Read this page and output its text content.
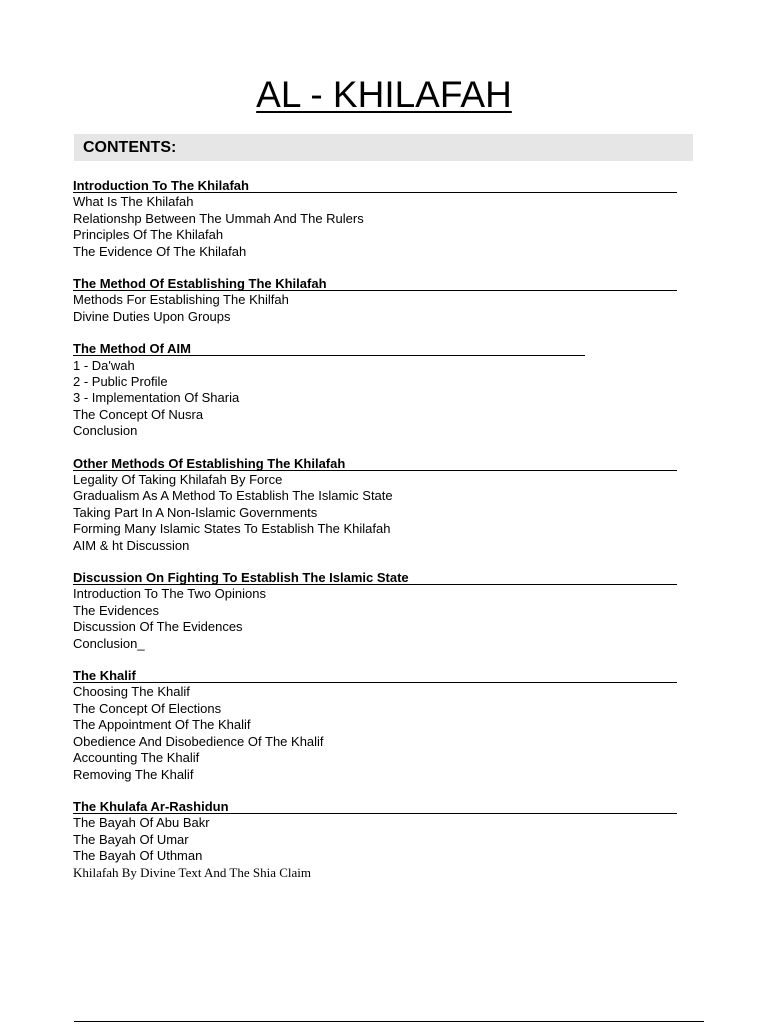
AL - KHILAFAH
CONTENTS:
Introduction To The Khilafah
What Is The Khilafah
Relationshp Between The Ummah And The Rulers
Principles Of The Khilafah
The Evidence Of The Khilafah
The Method Of Establishing The Khilafah
Methods For Establishing The Khilfah
Divine Duties Upon Groups
The Method Of AIM
1 - Da'wah
2 - Public Profile
3 - Implementation Of Sharia
The Concept Of Nusra
Conclusion
Other Methods Of Establishing The Khilafah
Legality Of Taking Khilafah By Force
Gradualism As A Method To Establish The Islamic State
Taking Part In A Non-Islamic Governments
Forming Many Islamic States To Establish The Khilafah
AIM & ht Discussion
Discussion On Fighting To Establish The Islamic State
Introduction To The Two Opinions
The Evidences
Discussion Of The Evidences
Conclusion_
The Khalif
Choosing The Khalif
The Concept Of Elections
The Appointment Of The Khalif
Obedience And Disobedience Of The Khalif
Accounting The Khalif
Removing The Khalif
The Khulafa Ar-Rashidun
The Bayah Of Abu Bakr
The Bayah Of Umar
The Bayah Of Uthman
Khilafah By Divine Text And The Shia Claim
